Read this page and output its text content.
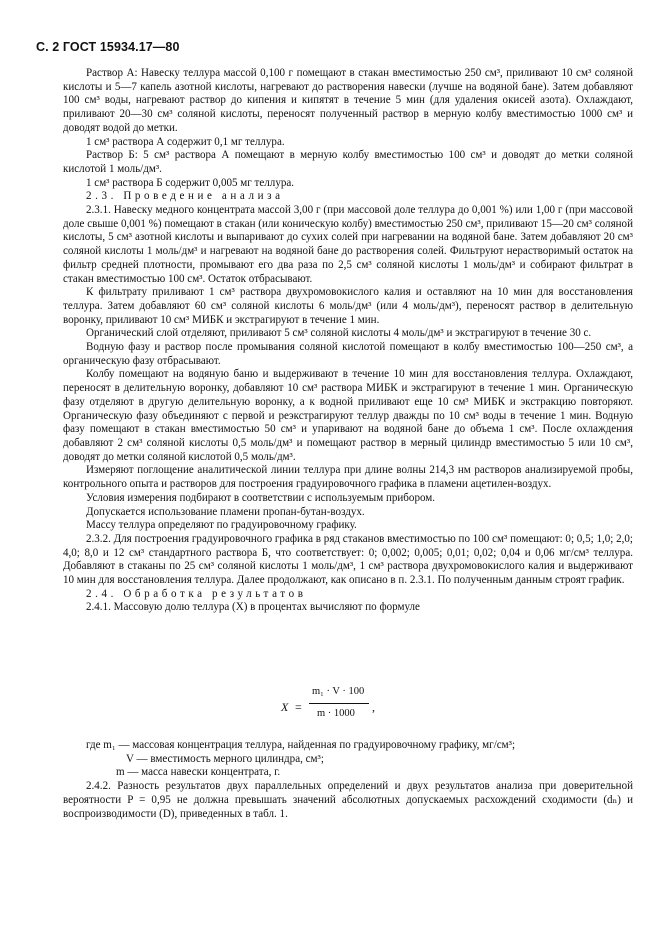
С. 2 ГОСТ 15934.17—80

Раствор А: Навеску теллура массой 0,100 г помещают в стакан вместимостью 250 см³, приливают 10 см³ соляной кислоты и 5—7 капель азотной кислоты, нагревают до растворения навески (лучше на водяной бане). Затем добавляют 100 см³ воды, нагревают раствор до кипения и кипятят в течение 5 мин (для удаления окисей азота). Охлаждают, приливают 20—30 см³ соляной кислоты, переносят полученный раствор в мерную колбу вместимостью 1000 см³ и доводят водой до метки.

1 см³ раствора А содержит 0,1 мг теллура.

Раствор Б: 5 см³ раствора А помещают в мерную колбу вместимостью 100 см³ и доводят до метки соляной кислотой 1 моль/дм³.

1 см³ раствора Б содержит 0,005 мг теллура.

2.3. Проведение анализа

2.3.1. Навеску медного концентрата массой 3,00 г (при массовой доле теллура до 0,001 %) или 1,00 г (при массовой доле свыше 0,001 %) помещают в стакан (или коническую колбу) вместимостью 250 см³, приливают 15—20 см³ соляной кислоты, 5 см³ азотной кислоты и выпаривают до сухих солей при нагревании на водяной бане. Затем добавляют 20 см³ соляной кислоты 1 моль/дм³ и нагревают на водяной бане до растворения солей. Фильтруют нерастворимый остаток на фильтр средней плотности, промывают его два раза по 2,5 см³ соляной кислоты 1 моль/дм³ и собирают фильтрат в стакан вместимостью 100 см³. Остаток отбрасывают.

К фильтрату приливают 1 см³ раствора двухромовокислого калия и оставляют на 10 мин для восстановления теллура. Затем добавляют 60 см³ соляной кислоты 6 моль/дм³ (или 4 моль/дм³), переносят раствор в делительную воронку, приливают 10 см³ МИБК и экстрагируют в течение 1 мин.

Органический слой отделяют, приливают 5 см³ соляной кислоты 4 моль/дм³ и экстрагируют в течение 30 с.

Водную фазу и раствор после промывания соляной кислотой помещают в колбу вместимостью 100—250 см³, а органическую фазу отбрасывают.

Колбу помещают на водяную баню и выдерживают в течение 10 мин для восстановления теллура. Охлаждают, переносят в делительную воронку, добавляют 10 см³ раствора МИБК и экстрагируют в течение 1 мин. Органическую фазу отделяют в другую делительную воронку, а к водной приливают еще 10 см³ МИБК и экстракцию повторяют. Органическую фазу объединяют с первой и реэкстрагируют теллур дважды по 10 см³ воды в течение 1 мин. Водную фазу помещают в стакан вместимостью 50 см³ и упаривают на водяной бане до объема 1 см³. После охлаждения добавляют 2 см³ соляной кислоты 0,5 моль/дм³ и помещают раствор в мерный цилиндр вместимостью 5 или 10 см³, доводят до метки соляной кислотой 0,5 моль/дм³.

Измеряют поглощение аналитической линии теллура при длине волны 214,3 нм растворов анализируемой пробы, контрольного опыта и растворов для построения градуировочного графика в пламени ацетилен-воздух.

Условия измерения подбирают в соответствии с используемым прибором.

Допускается использование пламени пропан-бутан-воздух.

Массу теллура определяют по градуировочному графику.

2.3.2. Для построения градуировочного графика в ряд стаканов вместимостью по 100 см³ помещают: 0; 0,5; 1,0; 2,0; 4,0; 8,0 и 12 см³ стандартного раствора Б, что соответствует: 0; 0,002; 0,005; 0,01; 0,02; 0,04 и 0,06 мг/см³ теллура. Добавляют в стаканы по 25 см³ соляной кислоты 1 моль/дм³, 1 см³ раствора двухромовокислого калия и выдерживают 10 мин для восстановления теллура. Далее продолжают, как описано в п. 2.3.1. По полученным данным строят график.

2.4. Обработка результатов

2.4.1. Массовую долю теллура (X) в процентах вычисляют по формуле

X =
m₁ · V · 100
m · 1000 ,

где m₁ — массовая концентрация теллура, найденная по градуировочному графику, мг/см³;

V — вместимость мерного цилиндра, см³;

m — масса навески концентрата, г.

2.4.2. Разность результатов двух параллельных определений и двух результатов анализа при доверительной вероятности P = 0,95 не должна превышать значений абсолютных допускаемых расхождений сходимости (dₙ) и воспроизводимости (D), приведенных в табл. 1.
